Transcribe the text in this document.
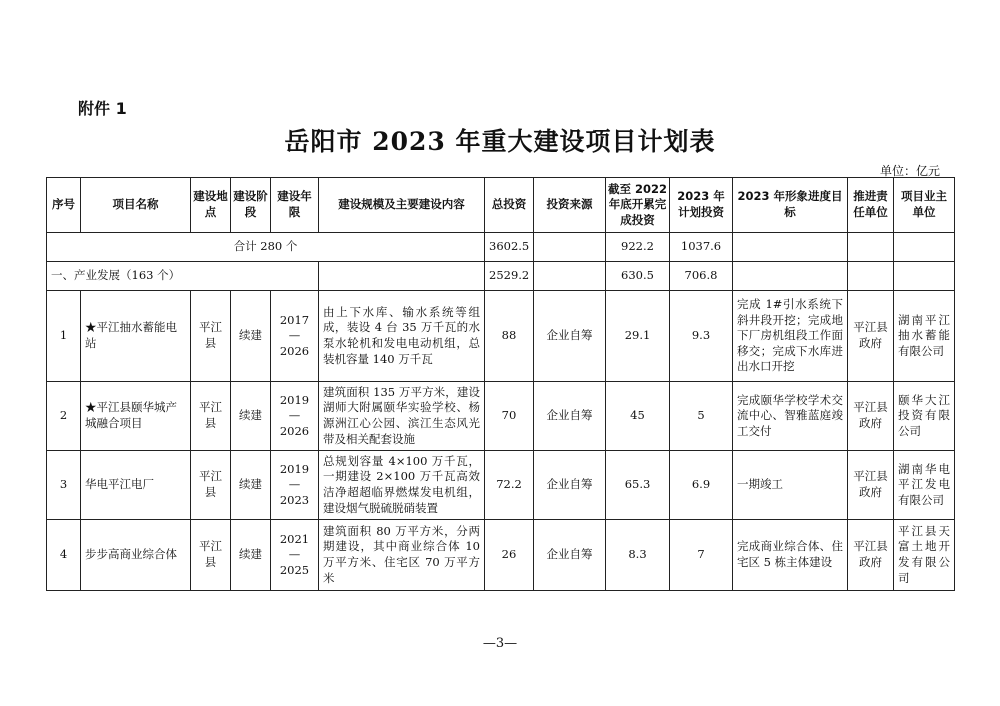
附件 1
岳阳市 2023 年重大建设项目计划表
单位：亿元
序号	项目名称	建设地点	建设阶段	建设年限	建设规模及主要建设内容	总投资	投资来源	截至 2022 年底开累完成投资	2023 年计划投资	2023 年形象进度目标	推进责任单位	项目业主单位
合计 280 个						3602.5		922.2	1037.6			
一、产业发展（163 个）						2529.2		630.5	706.8			
1	★平江抽水蓄能电站	平江县	续建	2017—2026	由上下水库、输水系统等组成，装设 4 台 35 万千瓦的水泵水轮机和发电电动机组，总装机容量 140 万千瓦	88	企业自筹	29.1	9.3	完成 1#引水系统下斜井段开挖；完成地下厂房机组段工作面移交；完成下水库进出水口开挖	平江县政府	湖南平江抽水蓄能有限公司
2	★平江县颐华城产城融合项目	平江县	续建	2019—2026	建筑面积 135 万平方米，建设湖师大附属颐华实验学校、杨源洲江心公园、滨江生态风光带及相关配套设施	70	企业自筹	45	5	完成颐华学校学术交流中心、智雅蓝庭竣工交付	平江县政府	颐华大江投资有限公司
3	华电平江电厂	平江县	续建	2019—2023	总规划容量 4×100 万千瓦，一期建设 2×100 万千瓦高效洁净超超临界燃煤发电机组，建设烟气脱硫脱硝装置	72.2	企业自筹	65.3	6.9	一期竣工	平江县政府	湖南华电平江发电有限公司
4	步步高商业综合体	平江县	续建	2021—2025	建筑面积 80 万平方米，分两期建设，其中商业综合体 10 万平方米、住宅区 70 万平方米	26	企业自筹	8.3	7	完成商业综合体、住宅区 5 栋主体建设	平江县政府	平江县天富土地开发有限公司
—3—
